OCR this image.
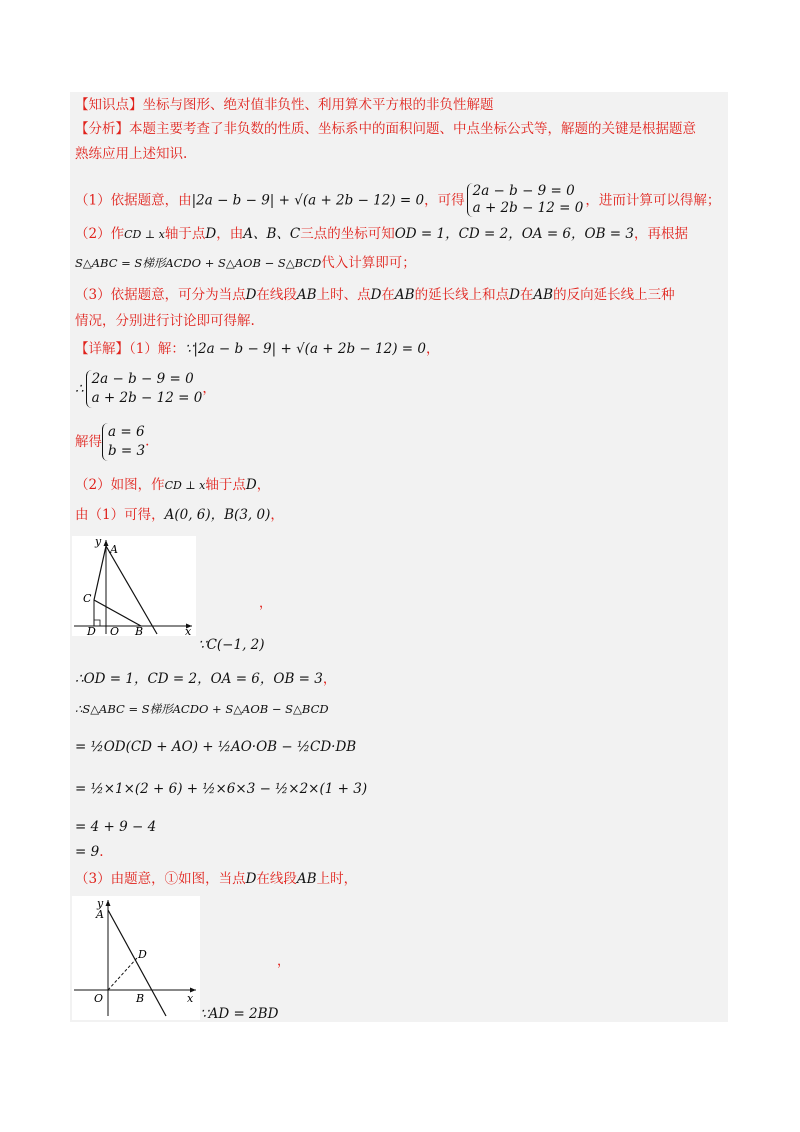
【知识点】坐标与图形、绝对值非负性、利用算术平方根的非负性解题
【分析】本题主要考查了非负数的性质、坐标系中的面积问题、中点坐标公式等，解题的关键是根据题意
熟练应用上述知识.
（1）依据题意，由|2a − b − 9| + √(a + 2b − 12) = 0，可得
2a − b − 9 = 0
a + 2b − 12 = 0 ，进而计算可以得解；
（2）作CD ⊥ x轴于点D，由A、B、C三点的坐标可知OD = 1，CD = 2，OA = 6，OB = 3，再根据
S△ABC = S梯形ACDO + S△AOB − S△BCD代入计算即可；
（3）依据题意，可分为当点D在线段AB上时、点D在AB的延长线上和点D在AB的反向延长线上三种
情况，分别进行讨论即可得解.
【详解】（1）解：∵|2a − b − 9| + √(a + 2b − 12) = 0，
∴
2a − b − 9 = 0
a + 2b − 12 = 0
，
解得
a = 6
b = 3
.
（2）如图，作CD ⊥ x轴于点D，
由（1）可得，A(0, 6)，B(3, 0)，
y
A
C
D O B	x
，
∵C(−1, 2)
∴OD = 1，CD = 2，OA = 6，OB = 3，
∴S△ABC = S梯形ACDO + S△AOB − S△BCD
= ½OD(CD + AO) + ½AO·OB − ½CD·DB
= ½×1×(2 + 6) + ½×6×3 − ½×2×(1 + 3)
= 4 + 9 − 4
= 9.
（3）由题意，①如图，当点D在线段AB上时，
y
A
D
O	B	x
，
∵AD = 2BD
